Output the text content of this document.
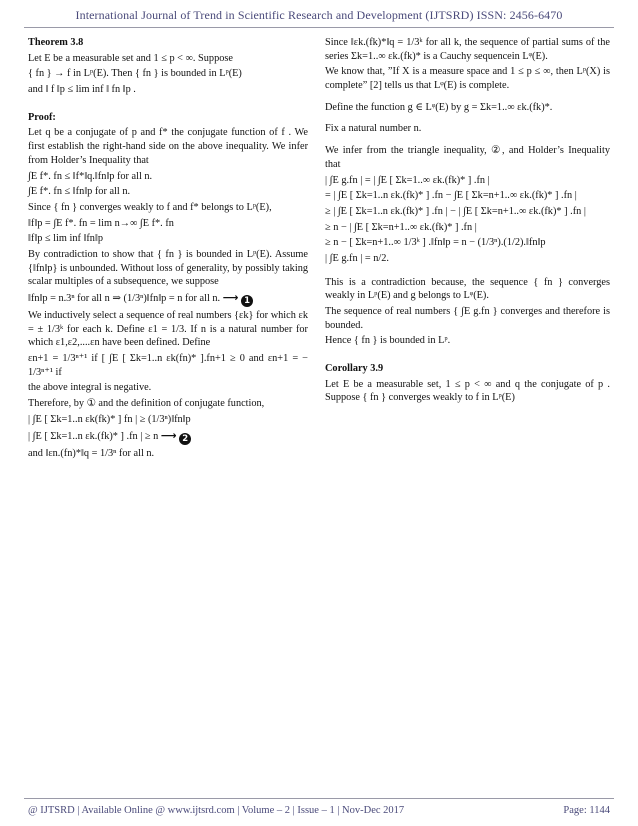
International Journal of Trend in Scientific Research and Development (IJTSRD) ISSN: 2456-6470

Theorem 3.8

Let E be a measurable set and 1 ≤ p < ∞. Suppose

{ fn } → f in Lᵖ(E). Then { fn } is bounded in Lᵖ(E)

and ‖ f ‖p ≤ lim inf ‖ fn ‖p .

Proof:

Let q be a conjugate of p and f* the conjugate function of f . We first establish the right-hand side on the above inequality. We infer from Holder’s Inequality that

∫E f*. fn ≤ ‖f*‖q.‖fn‖p for all n.

∫E f*. fn ≤ ‖fn‖p for all n.

Since { fn } converges weakly to f and f* belongs to Lᵖ(E),

‖f‖p = ∫E f*. fn = lim n→∞ ∫E f*. fn

‖f‖p ≤ lim inf ‖fn‖p

By contradiction to show that { fn } is bounded in Lᵖ(E). Assume {‖fn‖p} is unbounded. Without loss of generality, by possibly taking scalar multiples of a subsequence, we suppose

‖fn‖p = n.3ⁿ for all n ⇒ (1/3ⁿ)‖fn‖p = n for all n. ⟶ 1

We inductively select a sequence of real numbers {εk} for which εk = ± 1/3ᵏ for each k. Define ε1 = 1/3. If n is a natural number for which ε1,ε2,....εn have been defined. Define

εn+1 = 1/3ⁿ⁺¹ if [ ∫E [ Σk=1..n εk(fn)* ].fn+1 ≥ 0 and εn+1 = − 1/3ⁿ⁺¹ if

the above integral is negative.

Therefore, by ① and the definition of conjugate function,

| ∫E [ Σk=1..n εk(fk)* ] fn | ≥ (1/3ⁿ)‖fn‖p

| ∫E [ Σk=1..n εk.(fk)* ] .fn | ≥ n ⟶ 2

and ‖εn.(fn)*‖q = 1/3ⁿ for all n.

Since ‖εk.(fk)*‖q = 1/3ᵏ for all k, the sequence of partial sums of the series Σk=1..∞ εk.(fk)* is a Cauchy sequencein Lᵠ(E).

We know that, ”If X is a measure space and 1 ≤ p ≤ ∞, then Lᵖ(X) is complete” [2] tells us that Lᵠ(E) is complete.

Define the function g ∈ Lᵠ(E) by g = Σk=1..∞ εk.(fk)*.

Fix a natural number n.

We infer from the triangle inequality, ②, and Holder’s Inequality that

| ∫E g.fn | = | ∫E [ Σk=1..∞ εk.(fk)* ] .fn |

= | ∫E [ Σk=1..n εk.(fk)* ] .fn − ∫E [ Σk=n+1..∞ εk.(fk)* ] .fn |

≥ | ∫E [ Σk=1..n εk.(fk)* ] .fn | − | ∫E [ Σk=n+1..∞ εk.(fk)* ] .fn |

≥ n − | ∫E [ Σk=n+1..∞ εk.(fk)* ] .fn |

≥ n − [ Σk=n+1..∞ 1/3ᵏ ] .‖fn‖p = n − (1/3ⁿ).(1/2).‖fn‖p

| ∫E g.fn | = n/2.

This is a contradiction because, the sequence { fn } converges weakly in Lᵖ(E) and g belongs to Lᵠ(E).

The sequence of real numbers { ∫E g.fn } converges and therefore is bounded.

Hence { fn } is bounded in Lᵖ.

Corollary 3.9

Let E be a measurable set, 1 ≤ p < ∞ and q the conjugate of p . Suppose { fn } converges weakly to f in Lᵖ(E)

@ IJTSRD | Available Online @ www.ijtsrd.com | Volume – 2 | Issue – 1 | Nov-Dec 2017	Page: 1144
